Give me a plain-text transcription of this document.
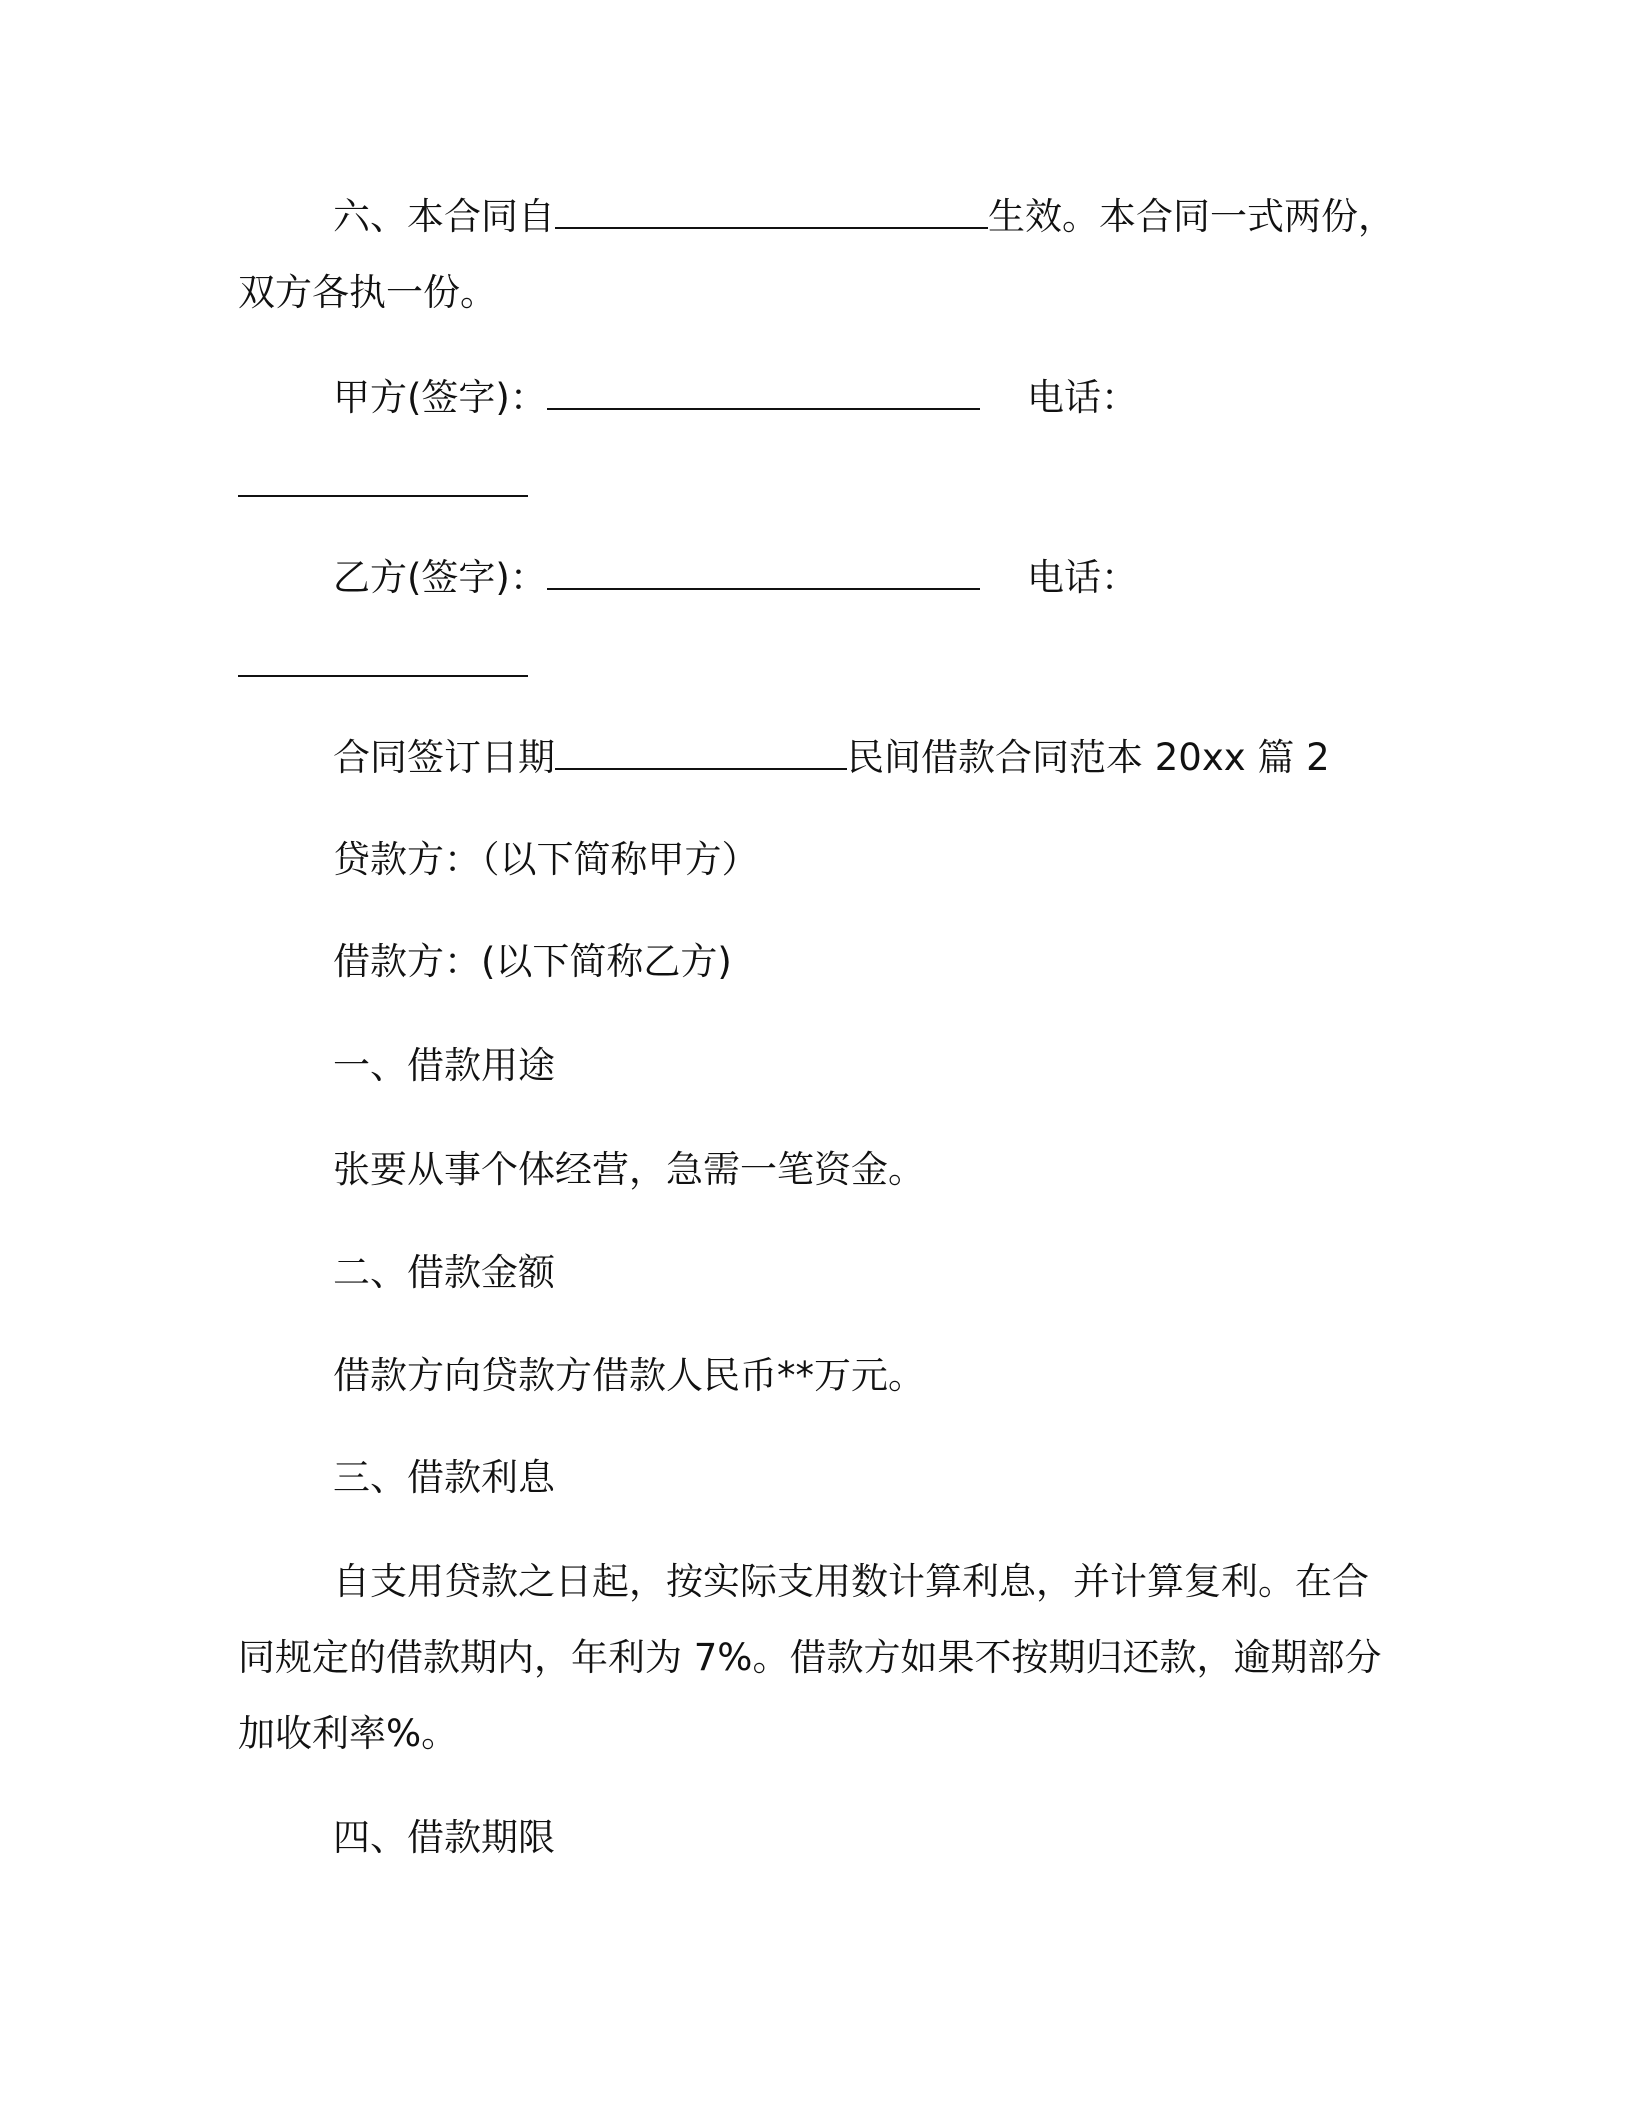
六、本合同自	生效。本合同一式两份，
双方各执一份。
甲方(签字)：	电话：
乙方(签字)：	电话：
合同签订日期	民间借款合同范本 20xx 篇 2
贷款方：（以下简称甲方）
借款方：(以下简称乙方)
一、借款用途
张要从事个体经营，急需一笔资金。
二、借款金额
借款方向贷款方借款人民币**万元。
三、借款利息
自支用贷款之日起，按实际支用数计算利息，并计算复利。在合
同规定的借款期内，年利为 7%。借款方如果不按期归还款，逾期部分
加收利率%。
四、借款期限
